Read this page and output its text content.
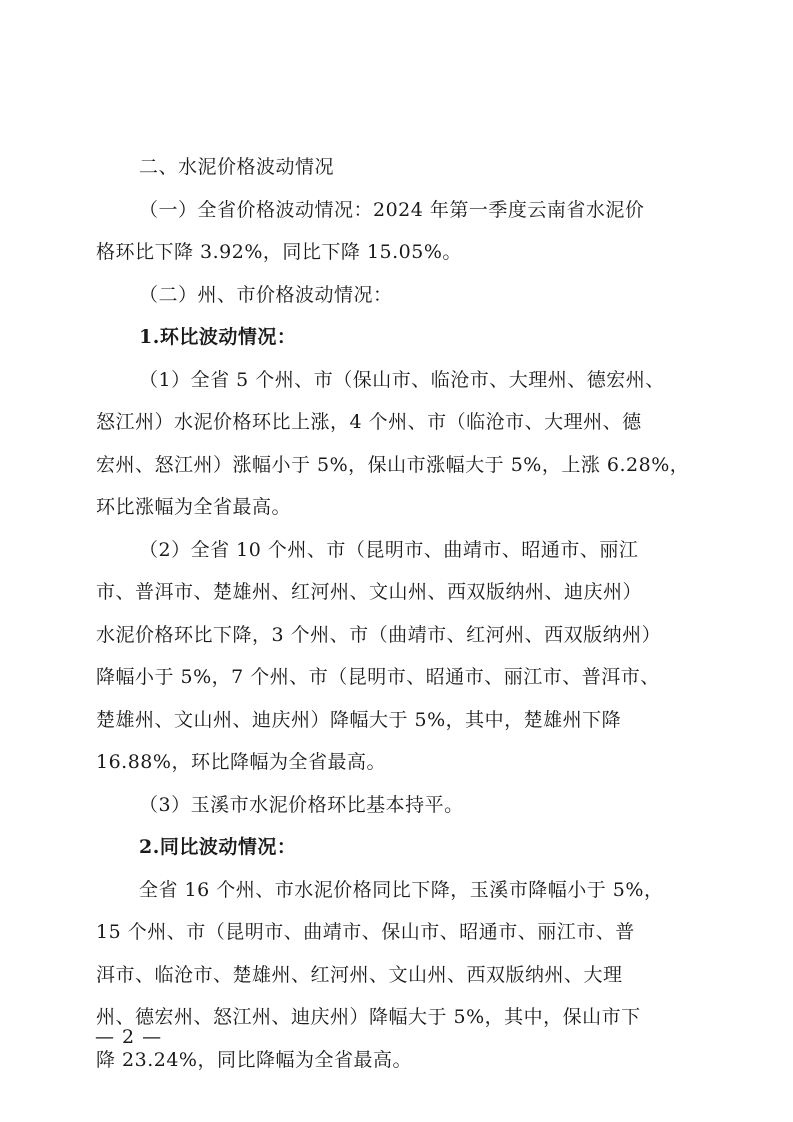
二、水泥价格波动情况
（一）全省价格波动情况：2024 年第一季度云南省水泥价
格环比下降 3.92%，同比下降 15.05%。
（二）州、市价格波动情况：
1.环比波动情况：
（1）全省 5 个州、市（保山市、临沧市、大理州、德宏州、
怒江州）水泥价格环比上涨，4 个州、市（临沧市、大理州、德
宏州、怒江州）涨幅小于 5%，保山市涨幅大于 5%，上涨 6.28%，
环比涨幅为全省最高。
（2）全省 10 个州、市（昆明市、曲靖市、昭通市、丽江
市、普洱市、楚雄州、红河州、文山州、西双版纳州、迪庆州）
水泥价格环比下降，3 个州、市（曲靖市、红河州、西双版纳州）
降幅小于 5%，7 个州、市（昆明市、昭通市、丽江市、普洱市、
楚雄州、文山州、迪庆州）降幅大于 5%，其中，楚雄州下降
16.88%，环比降幅为全省最高。
（3）玉溪市水泥价格环比基本持平。
2.同比波动情况：
全省 16 个州、市水泥价格同比下降，玉溪市降幅小于 5%，
15 个州、市（昆明市、曲靖市、保山市、昭通市、丽江市、普
洱市、临沧市、楚雄州、红河州、文山州、西双版纳州、大理
州、德宏州、怒江州、迪庆州）降幅大于 5%，其中，保山市下
降 23.24%，同比降幅为全省最高。
— 2 —
